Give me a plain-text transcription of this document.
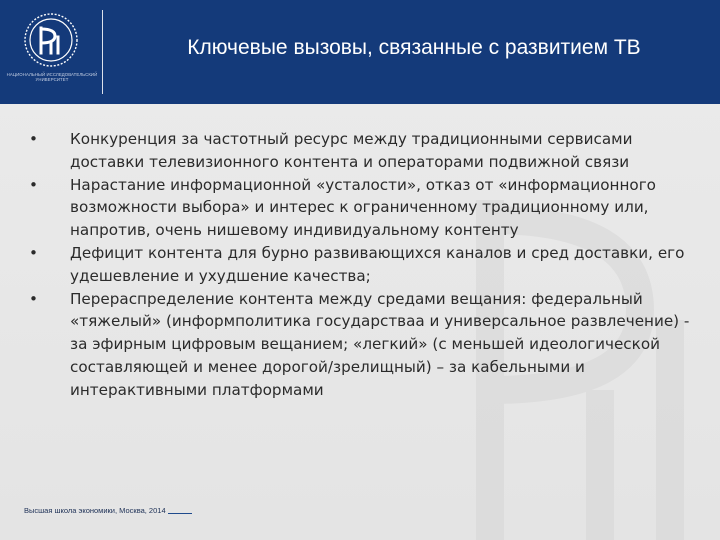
НАЦИОНАЛЬНЫЙ ИССЛЕДОВАТЕЛЬСКИЙ УНИВЕРСИТЕТ
Ключевые вызовы, связанные с развитием ТВ
• Конкуренция за частотный ресурс между традиционными сервисами доставки телевизионного контента и операторами подвижной связи
• Нарастание информационной «усталости», отказ от «информационного возможности выбора» и интерес к ограниченному традиционному или, напротив, очень нишевому индивидуальному контенту
• Дефицит контента для бурно развивающихся каналов и сред доставки, его удешевление и ухудшение качества;
• Перераспределение контента между средами вещания: федеральный «тяжелый» (информполитика государстваа и универсальное развлечение) - за эфирным цифровым вещанием; «легкий» (с меньшей идеологической составляющей и менее дорогой/зрелищный) – за кабельными и интерактивными платформами
Высшая школа экономики, Москва, 2014
